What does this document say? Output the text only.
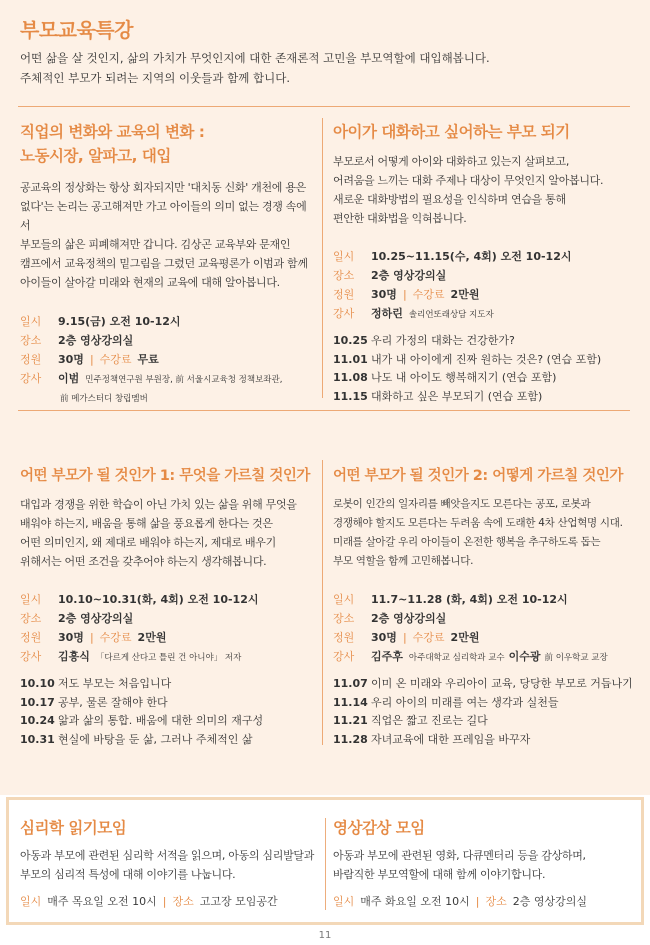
부모교육특강
어떤 삶을 살 것인지, 삶의 가치가 무엇인지에 대한 존재론적 고민을 부모역할에 대입해봅니다.
주체적인 부모가 되려는 지역의 이웃들과 함께 합니다.
직업의 변화와 교육의 변화 :
노동시장, 알파고, 대입
공교육의 정상화는 항상 회자되지만 '대치동 신화' 개천에 용은
없다'는 논리는 공고해져만 가고 아이들의 의미 없는 경쟁 속에서
부모들의 삶은 피폐해져만 갑니다. 김상곤 교육부와 문재인
캠프에서 교육정책의 밑그림을 그렸던 교육평론가 이범과 함께
아이들이 살아갈 미래와 현재의 교육에 대해 알아봅니다.
일시	9.15(금) 오전 10-12시
장소	2층 영상강의실
정원	30명 | 수강료 무료
강사	이범 민주정책연구원 부원장, 前 서울시교육청 정책보좌관,
前 메가스터디 창립멤버
아이가 대화하고 싶어하는 부모 되기
부모로서 어떻게 아이와 대화하고 있는지 살펴보고,
어려움을 느끼는 대화 주제나 대상이 무엇인지 알아봅니다.
새로운 대화방법의 필요성을 인식하며 연습을 통해
편안한 대화법을 익혀봅니다.
일시	10.25~11.15(수, 4회) 오전 10-12시
장소	2층 영상강의실
정원	30명 | 수강료 2만원
강사	정하린 솔리언또래상담 지도자
10.25 우리 가정의 대화는 건강한가?
11.01 내가 내 아이에게 진짜 원하는 것은? (연습 포함)
11.08 나도 내 아이도 행복해지기 (연습 포함)
11.15 대화하고 싶은 부모되기 (연습 포함)
어떤 부모가 될 것인가 1: 무엇을 가르칠 것인가
대입과 경쟁을 위한 학습이 아닌 가치 있는 삶을 위해 무엇을
배워야 하는지, 배움을 통해 삶을 풍요롭게 한다는 것은
어떤 의미인지, 왜 제대로 배워야 하는지, 제대로 배우기
위해서는 어떤 조건을 갖추어야 하는지 생각해봅니다.
일시	10.10~10.31(화, 4회) 오전 10-12시
장소	2층 영상강의실
정원	30명 | 수강료 2만원
강사	김흥식 「다르게 산다고 틀린 건 아니야」 저자
10.10 저도 부모는 처음입니다
10.17 공부, 물론 잘해야 한다
10.24 앎과 삶의 통합. 배움에 대한 의미의 재구성
10.31 현실에 바탕을 둔 삶, 그러나 주체적인 삶
어떤 부모가 될 것인가 2: 어떻게 가르칠 것인가
로봇이 인간의 일자리를 빼앗을지도 모른다는 공포, 로봇과
경쟁해야 할지도 모른다는 두려움 속에 도래한 4차 산업혁명 시대.
미래를 살아갈 우리 아이들이 온전한 행복을 추구하도록 돕는
부모 역할을 함께 고민해봅니다.
일시	11.7~11.28 (화, 4회) 오전 10-12시
장소	2층 영상강의실
정원	30명 | 수강료 2만원
강사	김주후 아주대학교 심리학과 교수 이수광 前 이우학교 교장
11.07 이미 온 미래와 우리아이 교육, 당당한 부모로 거듭나기
11.14 우리 아이의 미래를 여는 생각과 실천들
11.21 직업은 짧고 진로는 길다
11.28 자녀교육에 대한 프레임을 바꾸자
심리학 읽기모임
아동과 부모에 관련된 심리학 서적을 읽으며, 아동의 심리발달과
부모의 심리적 특성에 대해 이야기를 나눕니다.
일시 매주 목요일 오전 10시 | 장소 고고장 모임공간
영상감상 모임
아동과 부모에 관련된 영화, 다큐멘터리 등을 감상하며,
바람직한 부모역할에 대해 함께 이야기합니다.
일시 매주 화요일 오전 10시 | 장소 2층 영상강의실
11
